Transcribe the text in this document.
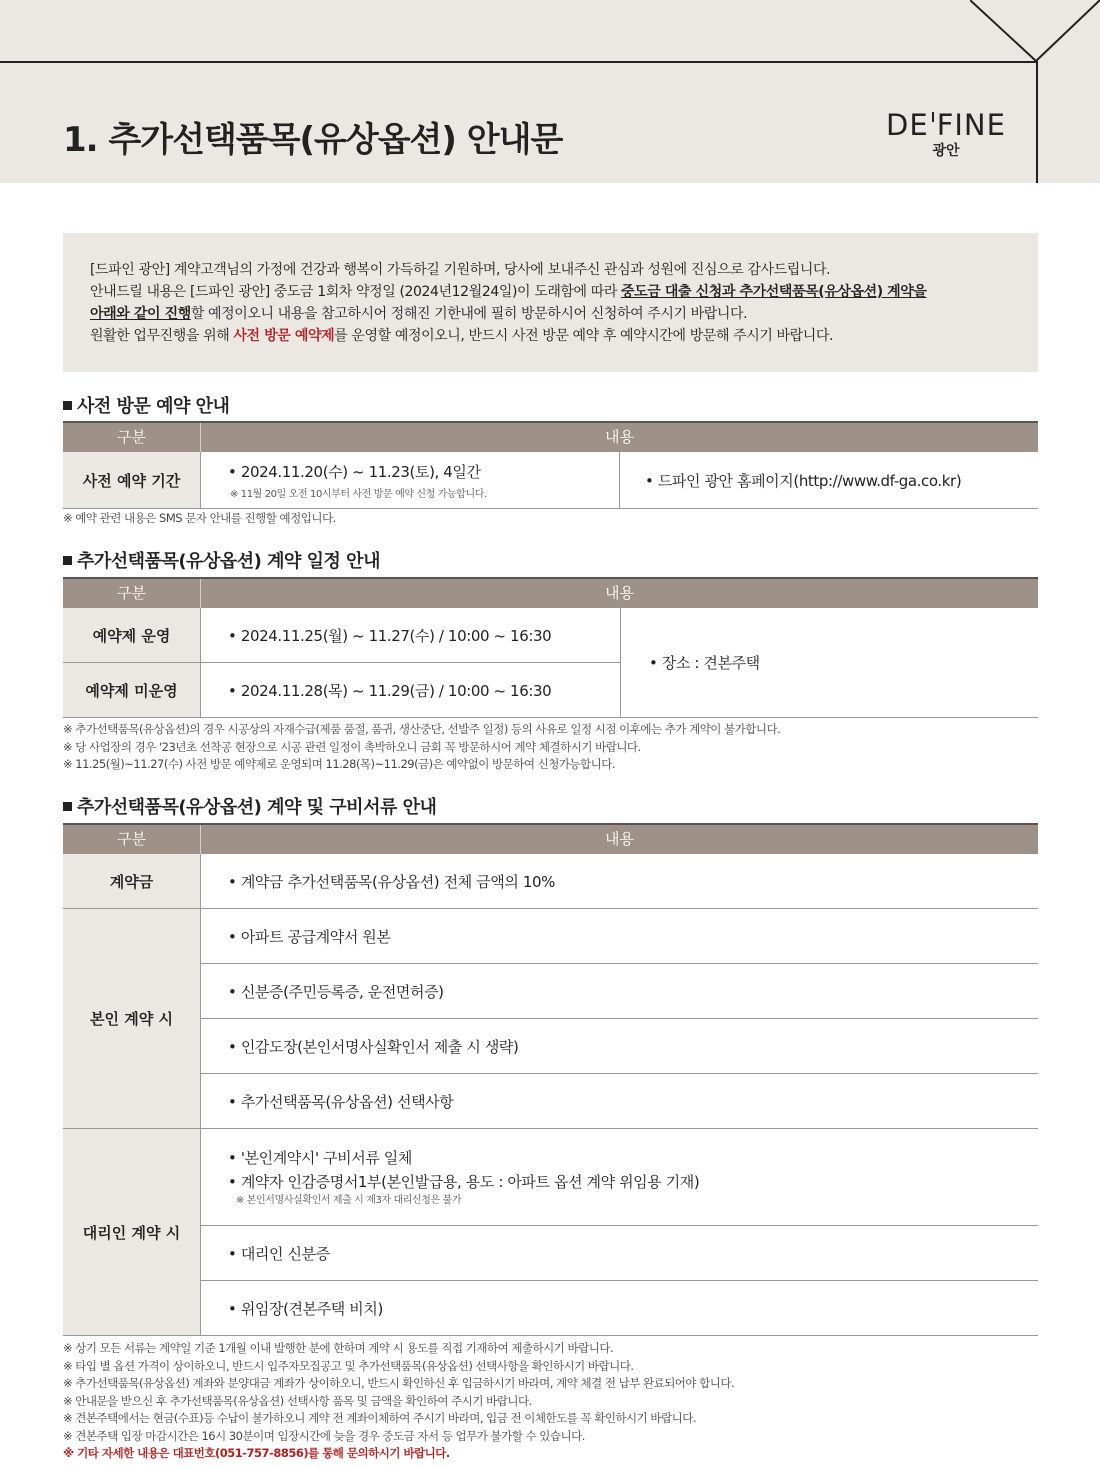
1. 추가선택품목(유상옵션) 안내문	DE FINE
광안

[드파인 광안] 계약고객님의 가정에 건강과 행복이 가득하길 기원하며, 당사에 보내주신 관심과 성원에 진심으로 감사드립니다.

안내드릴 내용은 [드파인 광안] 중도금 1회차 약정일 (2024년12월24일)이 도래함에 따라 중도금 대출 신청과 추가선택품목(유상옵션) 계약을

아래와 같이 진행할 예정이오니 내용을 참고하시어 정해진 기한내에 필히 방문하시어 신청하여 주시기 바랍니다.

원활한 업무진행을 위해 사전 방문 예약제를 운영할 예정이오니, 반드시 사전 방문 예약 후 예약시간에 방문해 주시기 바랍니다.

사전 방문 예약 안내
구분	내용
사전 예약 기간	• 2024.11.20(수) ~ 11.23(토), 4일간
※ 11월 20일 오전 10시부터 사전 방문 예약 신청 가능합니다.
• 드파인 광안 홈페이지(http://www.df-ga.co.kr)
※ 예약 관련 내용은 SMS 문자 안내를 진행할 예정입니다.
추가선택품목(유상옵션) 계약 일정 안내
구분	내용
예약제 운영	• 2024.11.25(월) ~ 11.27(수) / 10:00 ~ 16:30
예약제 미운영	• 2024.11.28(목) ~ 11.29(금) / 10:00 ~ 16:30
• 장소 : 견본주택
※ 추가선택품목(유상옵션)의 경우 시공상의 자재수급(제품 품절, 품귀, 생산중단, 선발주 일정) 등의 사유로 일정 시점 이후에는 추가 계약이 불가합니다.
※ 당 사업장의 경우 '23년초 선착공 현장으로 시공 관련 일정이 촉박하오니 금회 꼭 방문하시어 계약 체결하시기 바랍니다.
※ 11.25(월)~11.27(수) 사전 방문 예약제로 운영되며 11.28(목)~11.29(금)은 예약없이 방문하여 신청가능합니다.
추가선택품목(유상옵션) 계약 및 구비서류 안내
구분	내용
계약금	• 계약금 추가선택품목(유상옵션) 전체 금액의 10%
본인 계약 시
• 아파트 공급계약서 원본
• 신분증(주민등록증, 운전면허증)
• 인감도장(본인서명사실확인서 제출 시 생략)
• 추가선택품목(유상옵션) 선택사항
대리인 계약 시
• '본인계약시' 구비서류 일체
• 계약자 인감증명서1부(본인발급용, 용도 : 아파트 옵션 계약 위임용 기재)
※ 본인서명사실확인서 제출 시 제3자 대리신청은 불가
• 대리인 신분증
• 위임장(견본주택 비치)
※ 상기 모든 서류는 계약일 기준 1개월 이내 발행한 분에 한하며 계약 시 용도를 직접 기재하여 제출하시기 바랍니다.
※ 타입 별 옵션 가격이 상이하오니, 반드시 입주자모집공고 및 추가선택품목(유상옵션) 선택사항을 확인하시기 바랍니다.
※ 추가선택품목(유상옵션) 계좌와 분양대금 계좌가 상이하오니, 반드시 확인하신 후 입금하시기 바라며, 계약 체결 전 납부 완료되어야 합니다.
※ 안내문을 받으신 후 추가선택품목(유상옵션) 선택사항 품목 및 금액을 확인하여 주시기 바랍니다.
※ 견본주택에서는 현금(수표)등 수납이 불가하오니 계약 전 계좌이체하여 주시기 바라며, 입금 전 이체한도를 꼭 확인하시기 바랍니다.
※ 견본주택 입장 마감시간은 16시 30분이며 입장시간에 늦을 경우 중도금 자서 등 업무가 불가할 수 있습니다.
※ 기타 자세한 내용은 대표번호(051-757-8856)를 통해 문의하시기 바랍니다.
